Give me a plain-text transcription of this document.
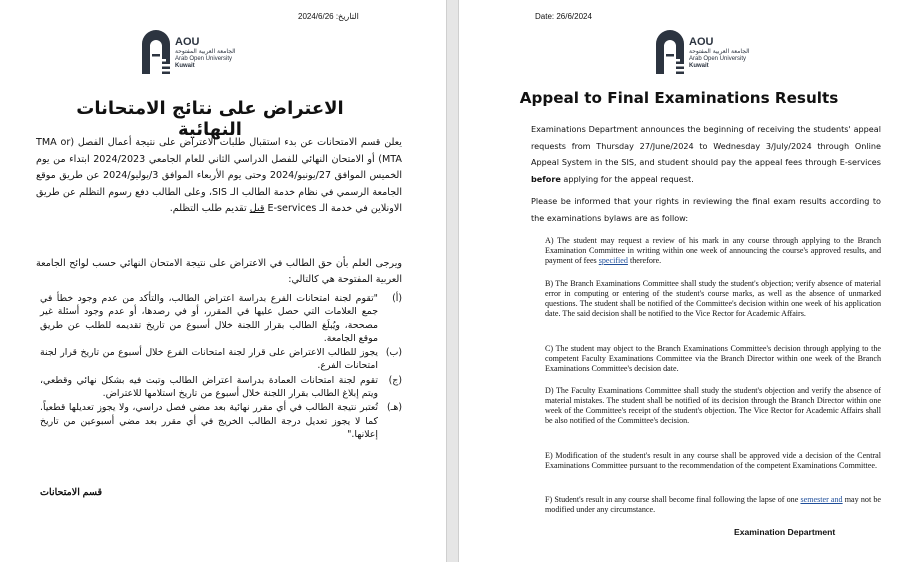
التاريخ: 2024/6/26
AOU
الجامعة العربية المفتوحة
Arab Open University
Kuwait
الاعتراض على نتائج الامتحانات النهائية
يعلن قسم الامتحانات عن بدء استقبال طلبات الاعتراض على نتيجة أعمال الفصل (TMA or MTA) أو الامتحان النهائي للفصل الدراسي الثاني للعام الجامعي 2024/2023 ابتداء من يوم الخميس الموافق 27/يونيو/2024 وحتى يوم الأربعاء الموافق 3/يوليو/2024 عن طريق موقع الجامعة الرسمي في نظام خدمة الطالب الـ SIS، وعلى الطالب دفع رسوم التظلم عن طريق الاونلاين في خدمة الـ E-services قبل تقديم طلب التظلم.
ويرجى العلم بأن حق الطالب في الاعتراض على نتيجة الامتحان النهائي حسب لوائح الجامعة العربية المفتوحة هي كالتالي:
(أ)
"تقوم لجنة امتحانات الفرع بدراسة اعتراض الطالب، والتأكد من عدم وجود خطأ في جمع العلامات التي حصل عليها في المقرر، أو في رصدها، أو عدم وجود أسئلة غير مصححة، ويُبلَغ الطالب بقرار اللجنة خلال أسبوع من تاريخ تقديمه للطلب عن طريق موقع الجامعة.
(ب)
يجوز للطالب الاعتراض على قرار لجنة امتحانات الفرع خلال أسبوع من تاريخ قرار لجنة امتحانات الفرع.
(ج)
تقوم لجنة امتحانات العمادة بدراسة اعتراض الطالب وتبت فيه بشكل نهائي وقطعي، ويتم إبلاغ الطالب بقرار اللجنة خلال أسبوع من تاريخ استلامها للاعتراض.
(هـ)
تُعتبر نتيجة الطالب في أي مقرر نهائية بعد مضي فصل دراسي، ولا يجوز تعديلها قطعياً. كما لا يجوز تعديل درجة الطالب الخريج في أي مقرر بعد مضي أسبوعين من تاريخ إعلانها."
قسم الامتحانات
Date: 26/6/2024
AOU
الجامعة العربية المفتوحة
Arab Open University
Kuwait
Appeal to Final Examinations Results
Examinations Department announces the beginning of receiving the students' appeal requests from Thursday 27/June/2024 to Wednesday 3/July/2024 through Online Appeal System in the SIS, and student should pay the appeal fees through E-services before applying for the appeal request.
Please be informed that your rights in reviewing the final exam results according to the examinations bylaws are as follow:
A) The student may request a review of his mark in any course through applying to the Branch Examination Committee in writing within one week of announcing the course's approved results, and payment of fees specified therefore.
B) The Branch Examinations Committee shall study the student's objection; verify absence of material error in computing or entering of the student's course marks, as well as the absence of unmarked questions. The student shall be notified of the Committee's decision within one week of his application date. The said decision shall be notified to the Vice Rector for Academic Affairs.
C) The student may object to the Branch Examinations Committee's decision through applying to the competent Faculty Examinations Committee via the Branch Director within one week of the Branch Examinations Committee's decision date.
D) The Faculty Examinations Committee shall study the student's objection and verify the absence of material mistakes. The student shall be notified of its decision through the Branch Director within one week of the Committee's receipt of the student's objection. The Vice Rector for Academic Affairs shall be also notified of the Committee's decision.
E) Modification of the student's result in any course shall be approved vide a decision of the Central Examinations Committee pursuant to the recommendation of the competent Examinations Committee.
F) Student's result in any course shall become final following the lapse of one semester and may not be modified under any circumstance.
Examination Department
